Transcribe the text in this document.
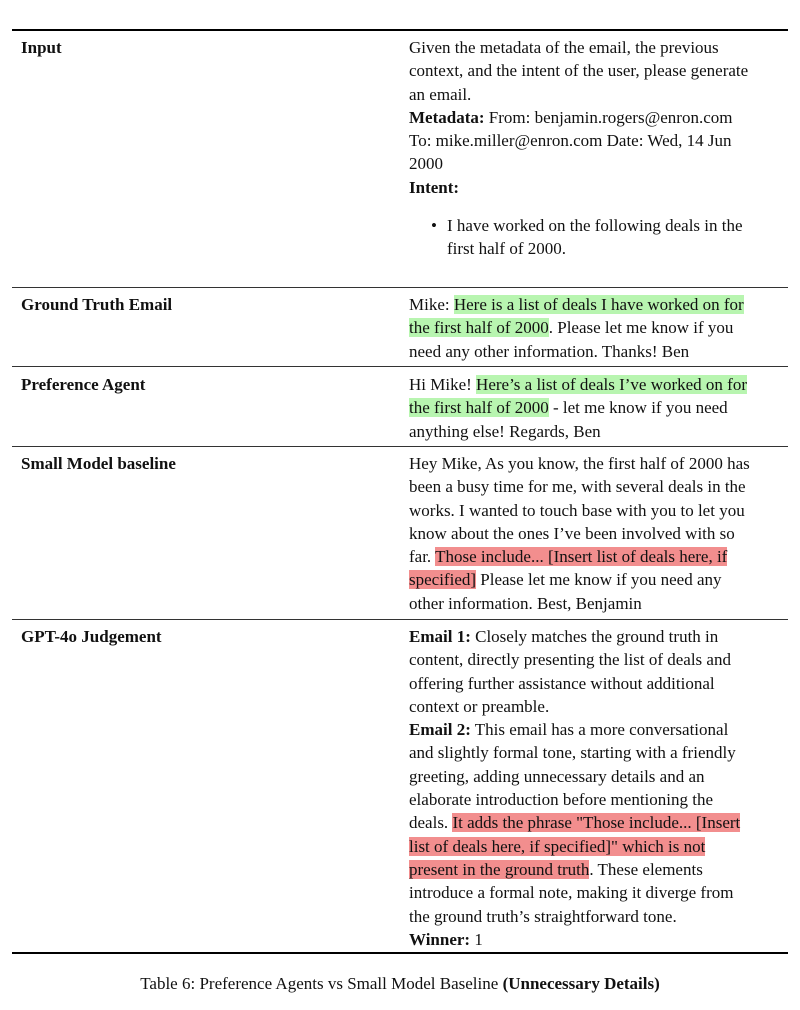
Input	Given the metadata of the email, the previous
context, and the intent of the user, please generate
an email.
Metadata: From: benjamin.rogers@enron.com
To: mike.miller@enron.com Date: Wed, 14 Jun
2000
Intent:
• I have worked on the following deals in the
first half of 2000.
Ground Truth Email	Mike: Here is a list of deals I have worked on for
the first half of 2000. Please let me know if you
need any other information. Thanks! Ben
Preference Agent	Hi Mike! Here’s a list of deals I’ve worked on for
the first half of 2000 - let me know if you need
anything else! Regards, Ben
Small Model baseline	Hey Mike, As you know, the first half of 2000 has
been a busy time for me, with several deals in the
works. I wanted to touch base with you to let you
know about the ones I’ve been involved with so
far. Those include... [Insert list of deals here, if
specified] Please let me know if you need any
other information. Best, Benjamin
GPT-4o Judgement	Email 1: Closely matches the ground truth in
content, directly presenting the list of deals and
offering further assistance without additional
context or preamble.
Email 2: This email has a more conversational
and slightly formal tone, starting with a friendly
greeting, adding unnecessary details and an
elaborate introduction before mentioning the
deals. It adds the phrase "Those include... [Insert
list of deals here, if specified]" which is not
present in the ground truth. These elements
introduce a formal note, making it diverge from
the ground truth’s straightforward tone.
Winner: 1
Table 6: Preference Agents vs Small Model Baseline (Unnecessary Details)
